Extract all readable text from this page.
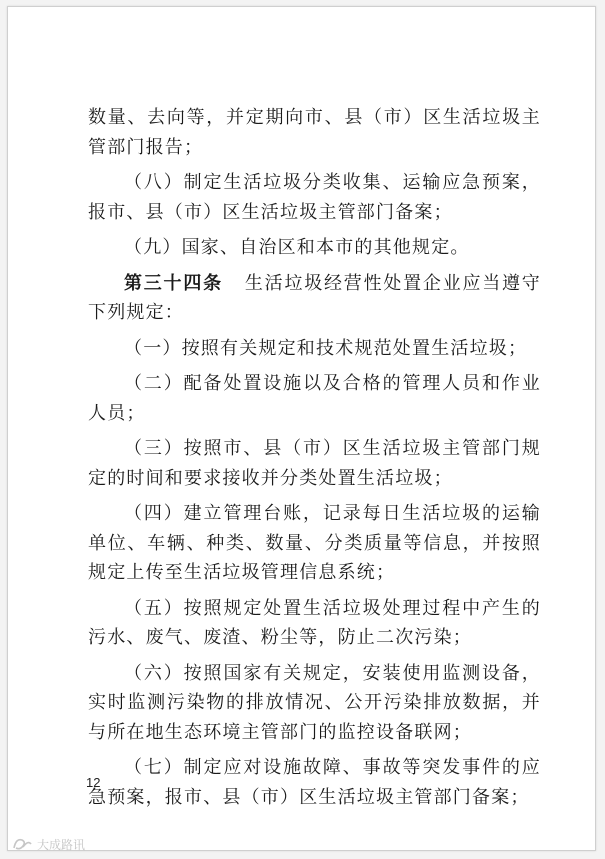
数量、去向等，并定期向市、县（市）区生活垃圾主管部门报告；

（八）制定生活垃圾分类收集、运输应急预案，报市、县（市）区生活垃圾主管部门备案；

（九）国家、自治区和本市的其他规定。

第三十四条 生活垃圾经营性处置企业应当遵守下列规定：

（一）按照有关规定和技术规范处置生活垃圾；

（二）配备处置设施以及合格的管理人员和作业人员；

（三）按照市、县（市）区生活垃圾主管部门规定的时间和要求接收并分类处置生活垃圾；

（四）建立管理台账，记录每日生活垃圾的运输单位、车辆、种类、数量、分类质量等信息，并按照规定上传至生活垃圾管理信息系统；

（五）按照规定处置生活垃圾处理过程中产生的污水、废气、废渣、粉尘等，防止二次污染；

（六）按照国家有关规定，安装使用监测设备，实时监测污染物的排放情况、公开污染排放数据，并与所在地生态环境主管部门的监控设备联网；

（七）制定应对设施故障、事故等突发事件的应急预案，报市、县（市）区生活垃圾主管部门备案；

12
大成路讯
